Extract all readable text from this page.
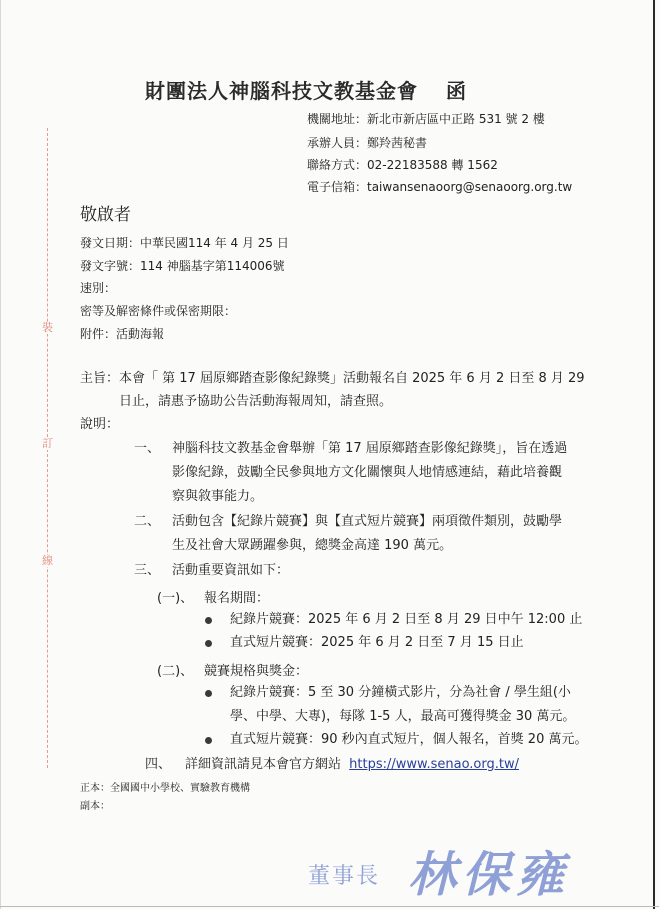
裝
訂
線
財團法人神腦科技文教基金會 函
機關地址：新北市新店區中正路 531 號 2 樓
承辦人員：鄭羚茜秘書
聯絡方式：02-22183588 轉 1562
電子信箱：taiwansenaoorg@senaoorg.org.tw
敬啟者
發文日期：中華民國114 年 4 月 25 日
發文字號：114 神腦基字第114006號
速別：
密等及解密條件或保密期限：
附件：活動海報
主旨：本會「 第 17 屆原鄉踏查影像紀錄獎」活動報名自 2025 年 6 月 2 日至 8 月 29
日止，請惠予協助公告活動海報周知，請查照。
說明：
一、 神腦科技文教基金會舉辦「第 17 屆原鄉踏查影像紀錄獎」，旨在透過
影像紀錄，鼓勵全民參與地方文化關懷與人地情感連結，藉此培養觀
察與敘事能力。
二、 活動包含【紀錄片競賽】與【直式短片競賽】兩項徵件類別，鼓勵學
生及社會大眾踴躍參與，總獎金高達 190 萬元。
三、 活動重要資訊如下：
(一)、 報名期間：
紀錄片競賽：2025 年 6 月 2 日至 8 月 29 日中午 12:00 止
直式短片競賽：2025 年 6 月 2 日至 7 月 15 日止
(二)、 競賽規格與獎金：
紀錄片競賽：5 至 30 分鐘橫式影片，分為社會 / 學生組(小
學、中學、大專)，每隊 1-5 人，最高可獲得獎金 30 萬元。
直式短片競賽：90 秒內直式短片，個人報名，首獎 20 萬元。
四、 詳細資訊請見本會官方網站 https://www.senao.org.tw/
正本：全國國中小學校、實驗教育機構
副本：
董事長 林保雍
